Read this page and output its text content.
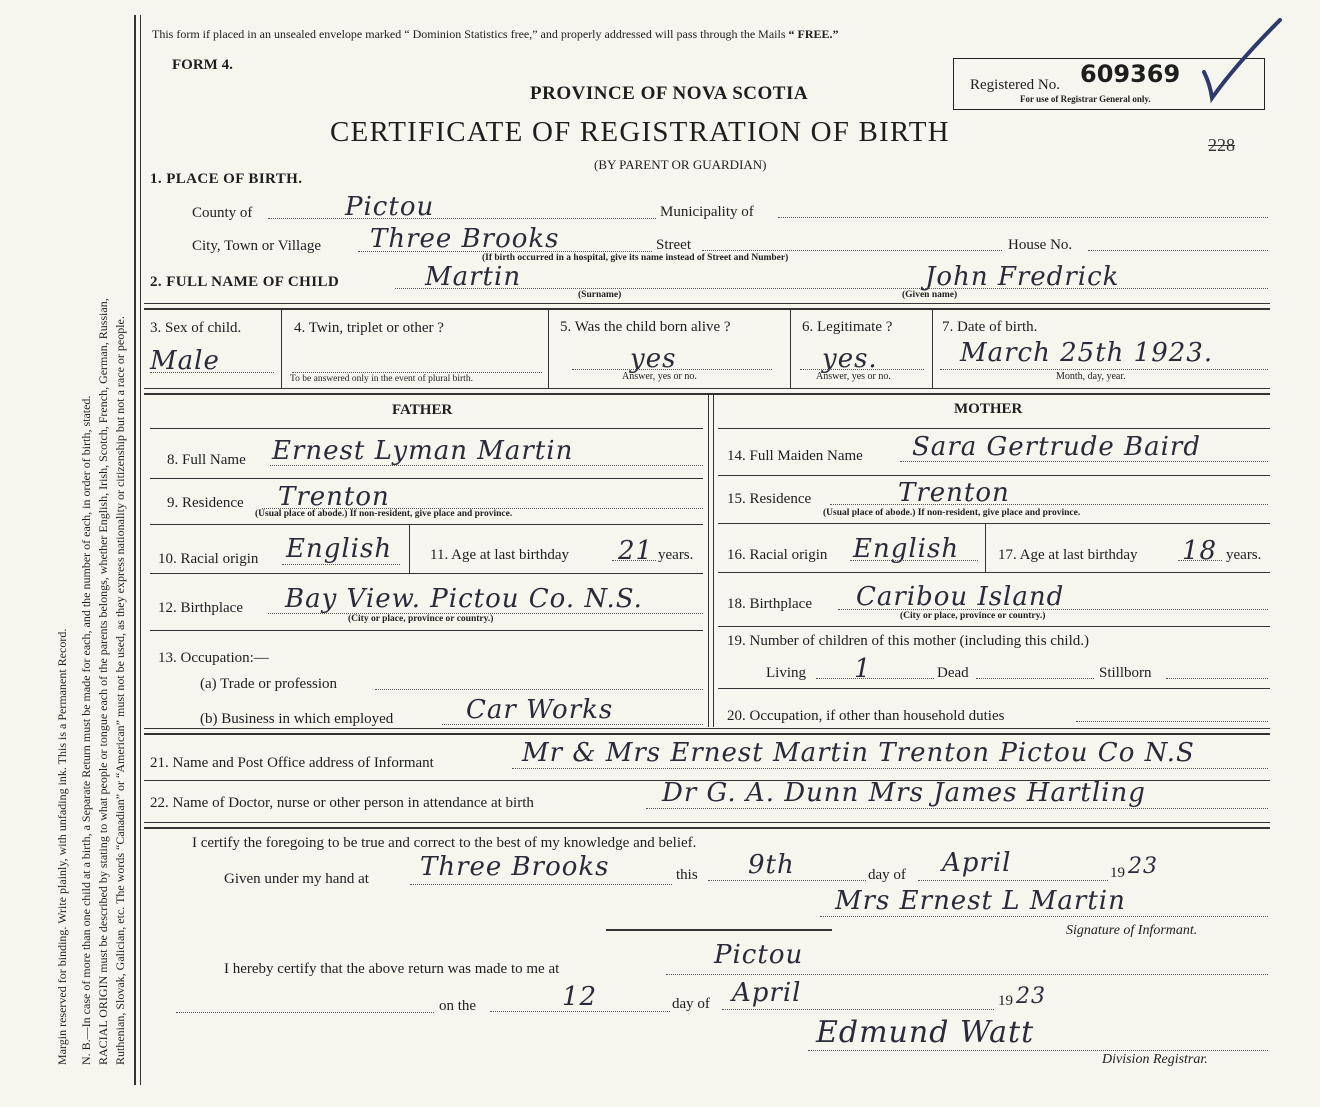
Margin reserved for binding. Write plainly, with unfading ink. This is a Permanent Record. N. B.—In case of more than one child at a birth, a Separate Return must be made for each, and the number of each, in order of birth, stated. RACIAL ORIGIN must be described by stating to what people or tongue each of the parents belongs, whether English, Irish, Scotch, French, German, Russian, Ruthenian, Slovak, Galician, etc. The words “Canadian” or “American” must not be used, as they express nationality or citizenship but not a race or people.
This form if placed in an unsealed envelope marked “ Dominion Statistics free,” and properly addressed will pass through the Mails “ FREE.”
FORM 4.
PROVINCE OF NOVA SCOTIA
CERTIFICATE OF REGISTRATION OF BIRTH
(BY PARENT OR GUARDIAN)
Registered No. 609369
For use of Registrar General only.
228
1. PLACE OF BIRTH.
County of	Pictou	Municipality of
City, Town or Village Three Brooks	Street	House No.
(If birth occurred in a hospital, give its name instead of Street and Number)
2. FULL NAME OF CHILD	Martin
(Surname)
John Fredrick
(Given name)
3. Sex of child.
Male
4. Twin, triplet or other ?
To be answered only in the event of plural birth.
5. Was the child born alive ?
yes
Answer, yes or no.
6. Legitimate ?
yes.
Answer, yes or no.
7. Date of birth.
March 25th 1923.
Month, day, year.
FATHER
8. Full Name Ernest Lyman Martin
9. Residence Trenton
(Usual place of abode.) If non-resident, give place and province.
10. Racial origin English	11. Age at last birthday 21 years.
12. Birthplace Bay View. Pictou Co. N.S.
(City or place, province or country.)
13. Occupation:—
(a) Trade or profession
(b) Business in which employed	Car Works
MOTHER
14. Full Maiden Name Sara Gertrude Baird
15. Residence	Trenton
(Usual place of abode.) If non-resident, give place and province.
16. Racial origin English	17. Age at last birthday 18 years.
18. Birthplace Caribou Island
(City or place, province or country.)
19. Number of children of this mother (including this child.)
Living 1	Dead	Stillborn
20. Occupation, if other than household duties
21. Name and Post Office address of Informant	Mr & Mrs Ernest Martin Trenton Pictou Co N.S
22. Name of Doctor, nurse or other person in attendance at birth	Dr G. A. Dunn Mrs James Hartling
I certify the foregoing to be true and correct to the best of my knowledge and belief.
Given under my hand at Three Brooks	this 9th	day of April	19 23
Mrs Ernest L Martin
Signature of Informant.
I hereby certify that the above return was made to me at	Pictou
on the	12	day of April	19 23
Edmund Watt
Division Registrar.
